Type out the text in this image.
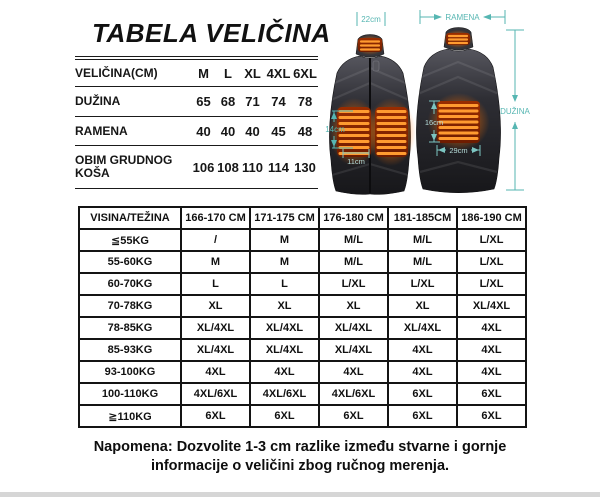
TABELA VELIČINA
VELIČINA(CM)	M	L	XL	4XL	6XL
DUŽINA	65	68	71	74	78
RAMENA	40	40	40	45	48
OBIM GRUDNOG KOŠA	106	108	110	114	130
22cm	RAMENA
DUŽINA
14cm
11cm
16cm
29cm
VISINA/TEŽINA	166-170 CM	171-175 CM	176-180 CM	181-185CM	186-190 CM
≦55KG	/	M	M/L	M/L	L/XL
55-60KG	M	M	M/L	M/L	L/XL
60-70KG	L	L	L/XL	L/XL	L/XL
70-78KG	XL	XL	XL	XL	XL/4XL
78-85KG	XL/4XL	XL/4XL	XL/4XL	XL/4XL	4XL
85-93KG	XL/4XL	XL/4XL	XL/4XL	4XL	4XL
93-100KG	4XL	4XL	4XL	4XL	4XL
100-110KG	4XL/6XL	4XL/6XL	4XL/6XL	6XL	6XL
≧110KG	6XL	6XL	6XL	6XL	6XL
Napomena: Dozvolite 1-3 cm razlike između stvarne i gornje
informacije o veličini zbog ručnog merenja.
